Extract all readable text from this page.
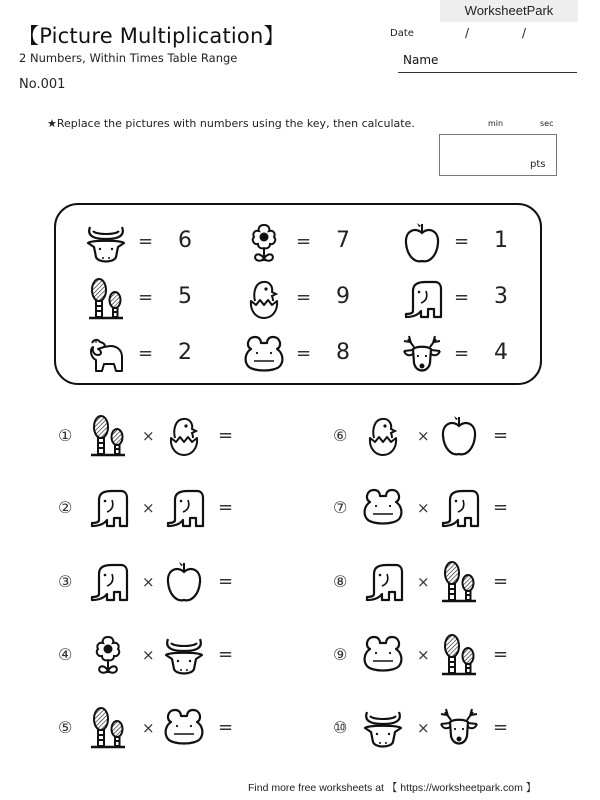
WorksheetPark
【Picture Multiplication】
2 Numbers, Within Times Table Range
No.001
Date	/	/
Name
★Replace the pictures with numbers using the key, then calculate.	min	sec
pts
= 6	= 7	= 1
= 5	= 9	= 3
= 2	= 8	= 4
①	×	=
②	×	=
③	×	=
④	×	=
⑤	×	=
⑥	×	=
⑦	×	=
⑧	×	=
⑨	×	=
⑩	×	=
Find more free worksheets at 【 https://worksheetpark.com 】
